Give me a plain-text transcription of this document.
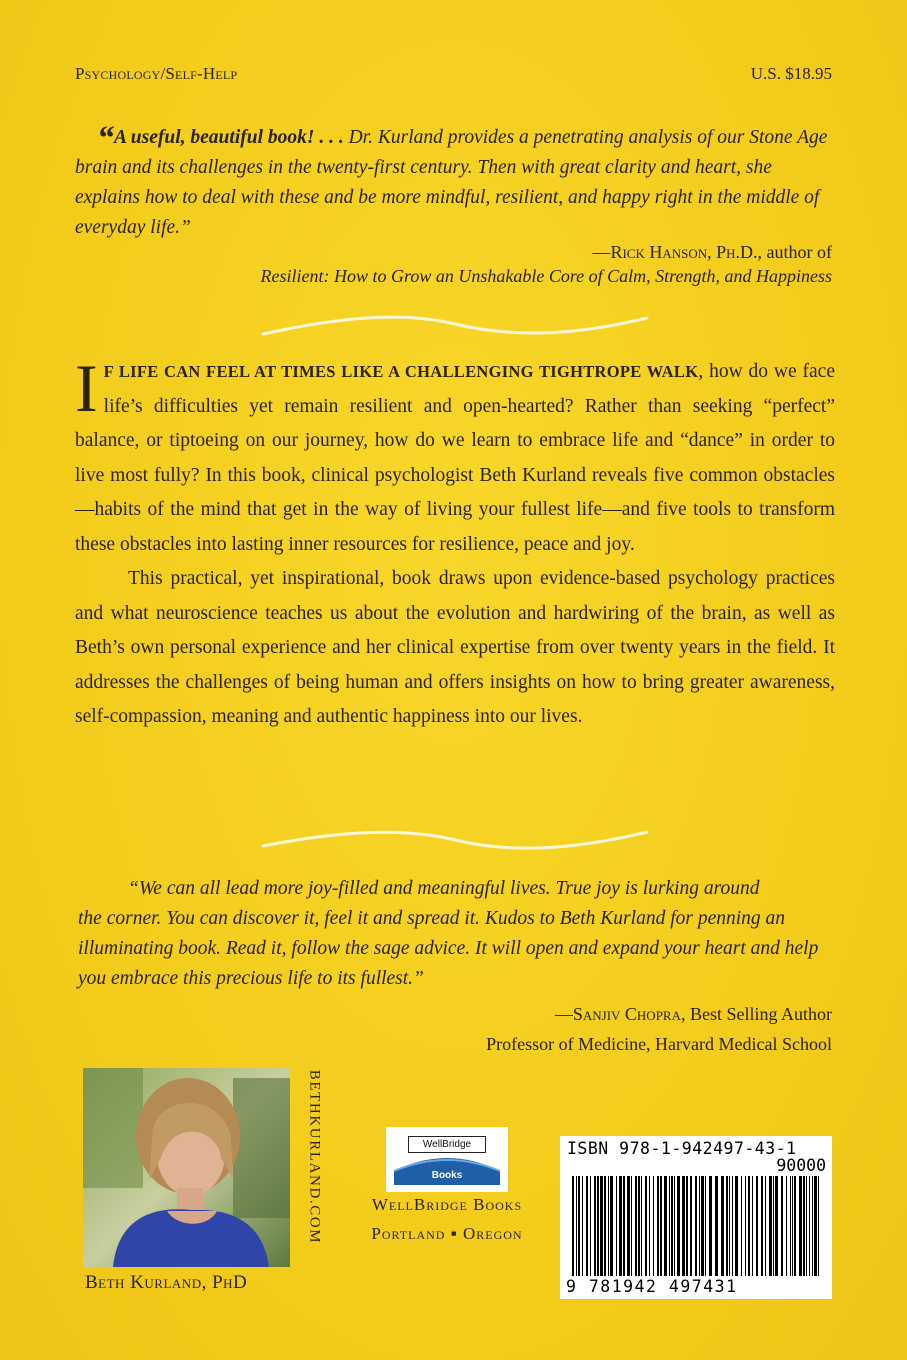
Psychology/Self-Help	U.S. $18.95
“A useful, beautiful book! . . . Dr. Kurland provides a penetrating analysis of our Stone Age brain and its challenges in the twenty-first century. Then with great clarity and heart, she explains how to deal with these and be more mindful, resilient, and happy right in the middle of everyday life.”
—Rick Hanson, Ph.D., author of
Resilient: How to Grow an Unshakable Core of Calm, Strength, and Happiness

I F LIFE CAN FEEL AT TIMES LIKE A CHALLENGING TIGHTROPE WALK, how do we face life’s difficulties yet remain resilient and open-hearted? Rather than seeking “perfect” balance, or tiptoeing on our journey, how do we learn to embrace life and “dance” in order to live most fully? In this book, clinical psychologist Beth Kurland reveals five common obstacles—habits of the mind that get in the way of living your fullest life—and five tools to transform these obstacles into lasting inner resources for resilience, peace and joy.

This practical, yet inspirational, book draws upon evidence-based psychology practices and what neuroscience teaches us about the evolution and hardwiring of the brain, as well as Beth’s own personal experience and her clinical expertise from over twenty years in the field. It addresses the challenges of being human and offers insights on how to bring greater awareness, self-compassion, meaning and authentic happiness into our lives.

“We can all lead more joy-filled and meaningful lives. True joy is lurking around
the corner. You can discover it, feel it and spread it. Kudos to Beth Kurland for penning an illuminating book. Read it, follow the sage advice. It will open and expand your heart and help you embrace this precious life to its fullest.”
—Sanjiv Chopra, Best Selling Author
Professor of Medicine, Harvard Medical School
Beth Kurland, PhD
BETHKURLAND.COM	WellBridge
Books
WellBridge Books
Portland ▪ Oregon
ISBN 978-1-942497-43-1
90000
9 781942 497431
